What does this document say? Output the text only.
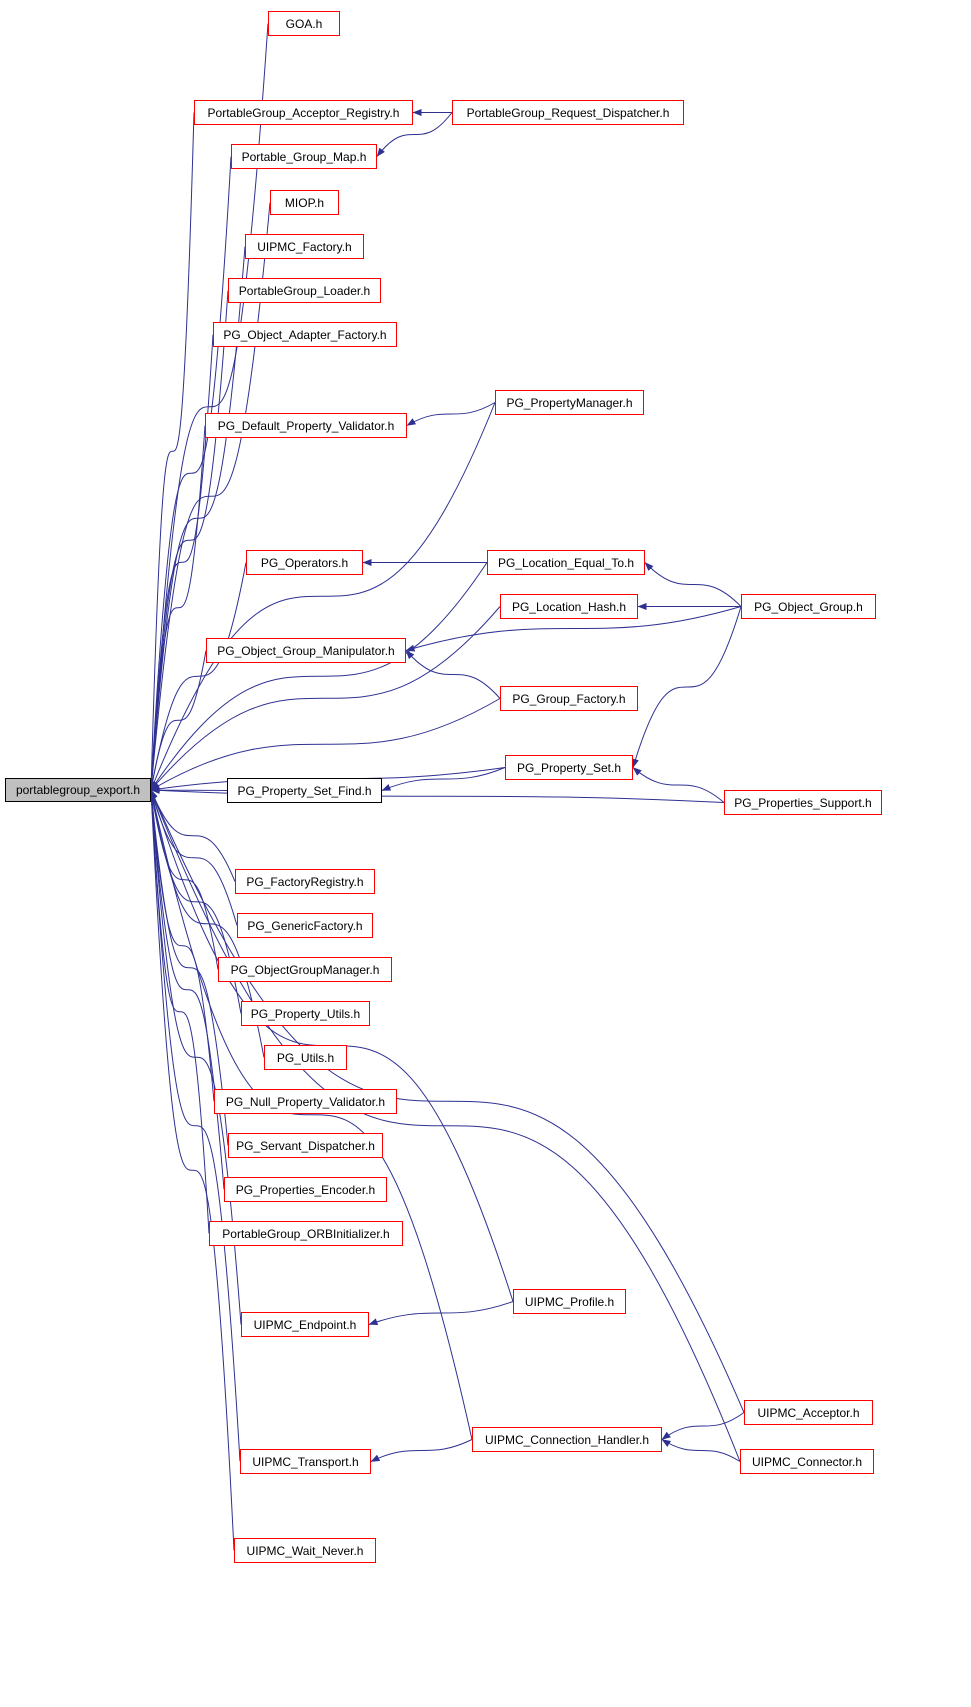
portablegroup_export.h
GOA.h
PortableGroup_Acceptor_Registry.h	PortableGroup_Request_Dispatcher.h
Portable_Group_Map.h
MIOP.h
UIPMC_Factory.h
PortableGroup_Loader.h
PG_Object_Adapter_Factory.h
PG_PropertyManager.h
PG_Default_Property_Validator.h
PG_Operators.h	PG_Location_Equal_To.h
PG_Location_Hash.h	PG_Object_Group.h
PG_Object_Group_Manipulator.h
PG_Group_Factory.h
PG_Property_Set.h
PG_Property_Set_Find.h
PG_Properties_Support.h
PG_FactoryRegistry.h
PG_GenericFactory.h
PG_ObjectGroupManager.h
PG_Property_Utils.h
PG_Utils.h
PG_Null_Property_Validator.h
PG_Servant_Dispatcher.h
PG_Properties_Encoder.h
PortableGroup_ORBInitializer.h
UIPMC_Profile.h
UIPMC_Endpoint.h
UIPMC_Acceptor.h
UIPMC_Connection_Handler.h
UIPMC_Transport.h	UIPMC_Connector.h
UIPMC_Wait_Never.h
